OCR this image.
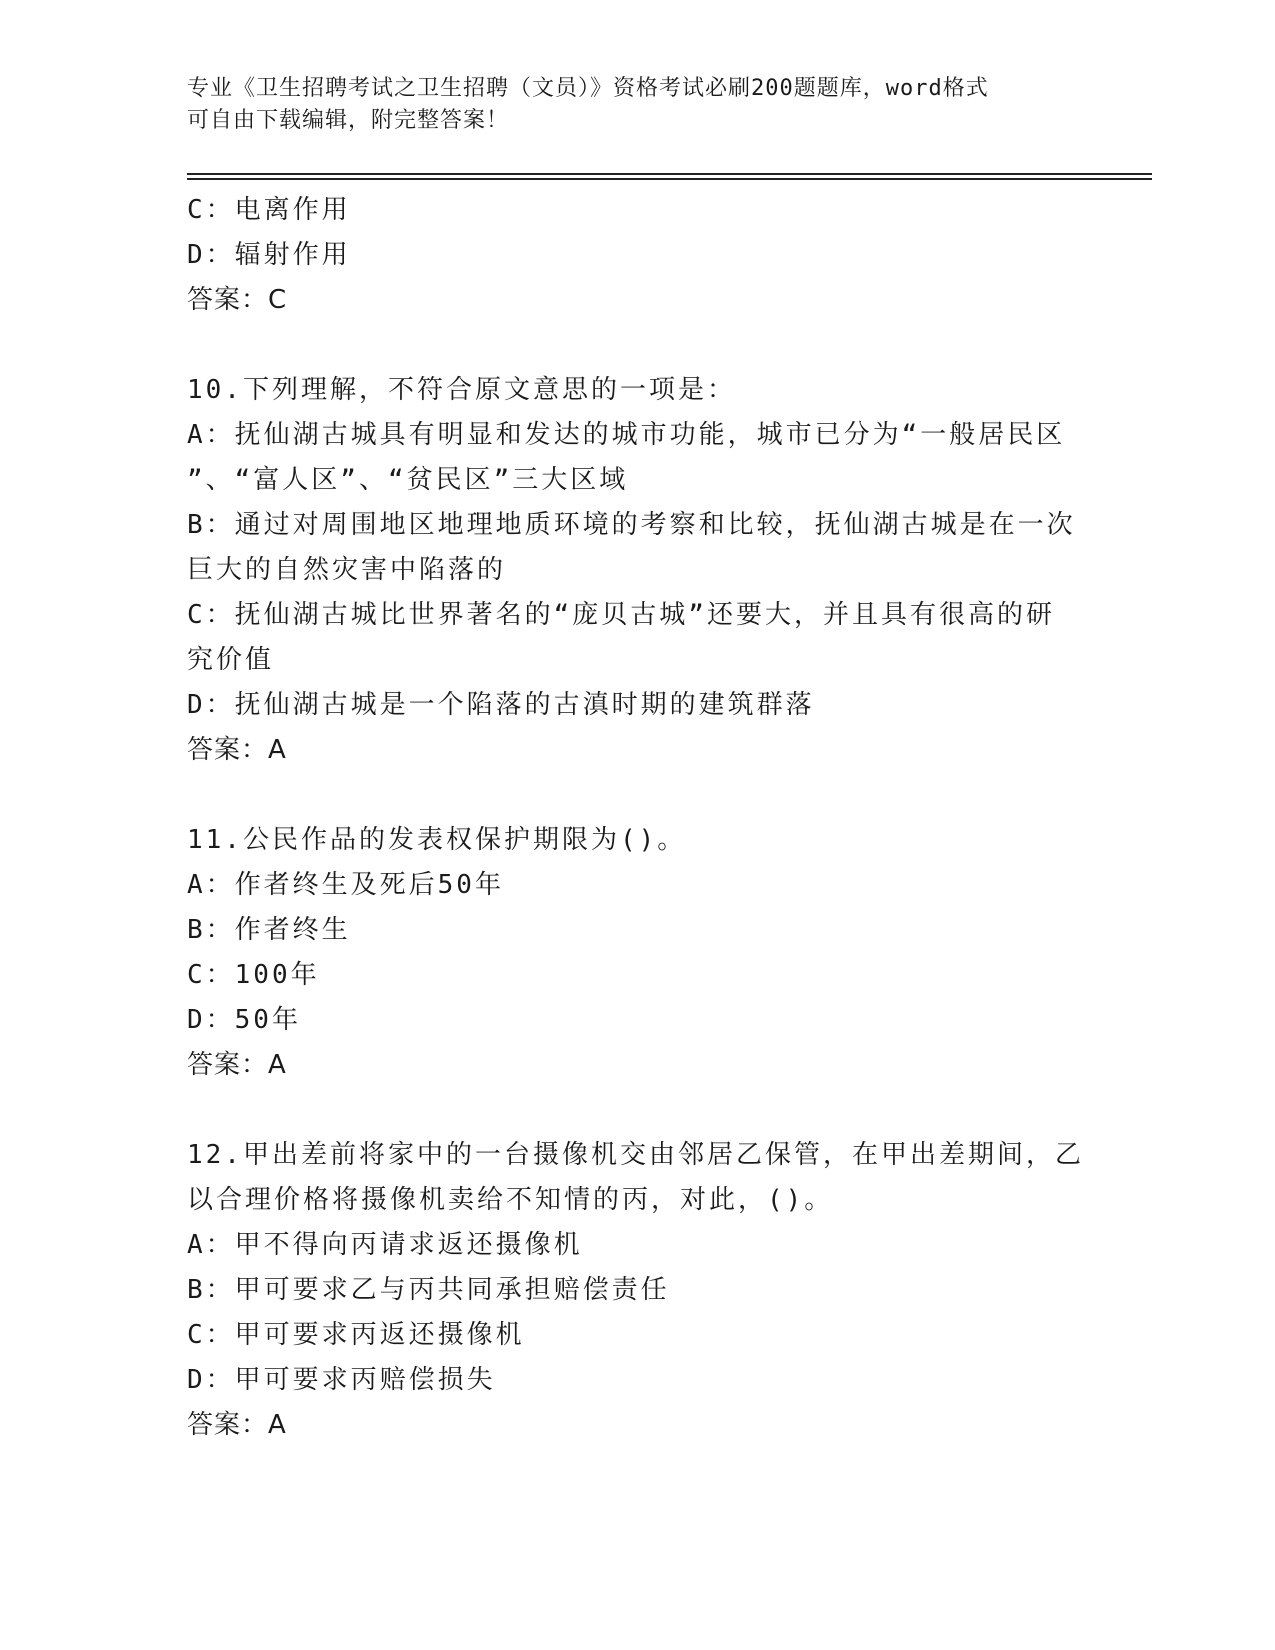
专业《卫生招聘考试之卫生招聘（文员）》资格考试必刷200题题库，word格式
可自由下载编辑，附完整答案！
C：电离作用
D：辐射作用
答案：C
10.下列理解，不符合原文意思的一项是：
A：抚仙湖古城具有明显和发达的城市功能，城市已分为“一般居民区
”、“富人区”、“贫民区”三大区域
B：通过对周围地区地理地质环境的考察和比较，抚仙湖古城是在一次
巨大的自然灾害中陷落的
C：抚仙湖古城比世界著名的“庞贝古城”还要大，并且具有很高的研
究价值
D：抚仙湖古城是一个陷落的古滇时期的建筑群落
答案：A
11.公民作品的发表权保护期限为()。
A：作者终生及死后50年
B：作者终生
C：100年
D：50年
答案：A
12.甲出差前将家中的一台摄像机交由邻居乙保管，在甲出差期间，乙
以合理价格将摄像机卖给不知情的丙，对此，()。
A：甲不得向丙请求返还摄像机
B：甲可要求乙与丙共同承担赔偿责任
C：甲可要求丙返还摄像机
D：甲可要求丙赔偿损失
答案：A
